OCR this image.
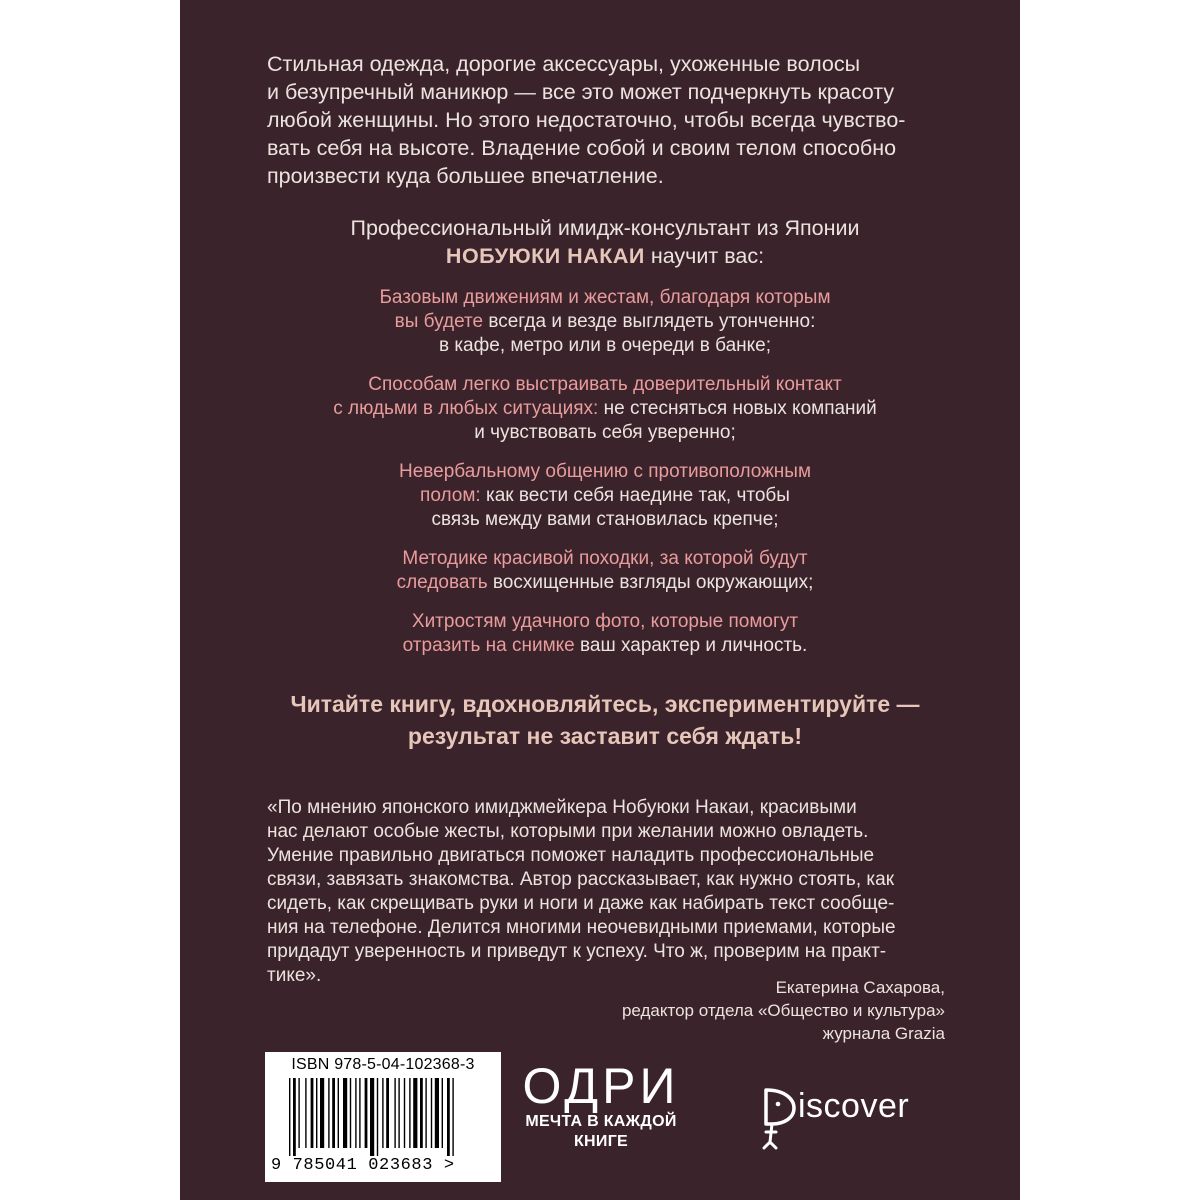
Стильная одежда, дорогие аксессуары, ухоженные волосы
и безупречный маникюр — все это может подчеркнуть красоту
любой женщины. Но этого недостаточно, чтобы всегда чувство-
вать себя на высоте. Владение собой и своим телом способно
произвести куда большее впечатление.

Профессиональный имидж-консультант из Японии
НОБУЮКИ НАКАИ научит вас:

Базовым движениям и жестам, благодаря которым
вы будете всегда и везде выглядеть утонченно:
в кафе, метро или в очереди в банке;
Способам легко выстраивать доверительный контакт
с людьми в любых ситуациях: не стесняться новых компаний
и чувствовать себя уверенно;
Невербальному общению с противоположным
полом: как вести себя наедине так, чтобы
связь между вами становилась крепче;
Методике красивой походки, за которой будут
следовать восхищенные взгляды окружающих;
Хитростям удачного фото, которые помогут
отразить на снимке ваш характер и личность.

Читайте книгу, вдохновляйтесь, экспериментируйте —
результат не заставит себя ждать!

«По мнению японского имиджмейкера Нобуюки Накаи, красивыми
нас делают особые жесты, которыми при желании можно овладеть.
Умение правильно двигаться поможет наладить профессиональные
связи, завязать знакомства. Автор рассказывает, как нужно стоять, как
сидеть, как скрещивать руки и ноги и даже как набирать текст сообще-
ния на телефоне. Делится многими неочевидными приемами, которые
придадут уверенность и приведут к успеху. Что ж, проверим на практ-
тике».

Екатерина Сахарова,
редактор отдела «Общество и культура»
журнала Grazia
ISBN 978-5-04-102368-3
9 785041 023683 >
ОДРИ
МЕЧТА В КАЖДОЙ
КНИГЕ
iscover
